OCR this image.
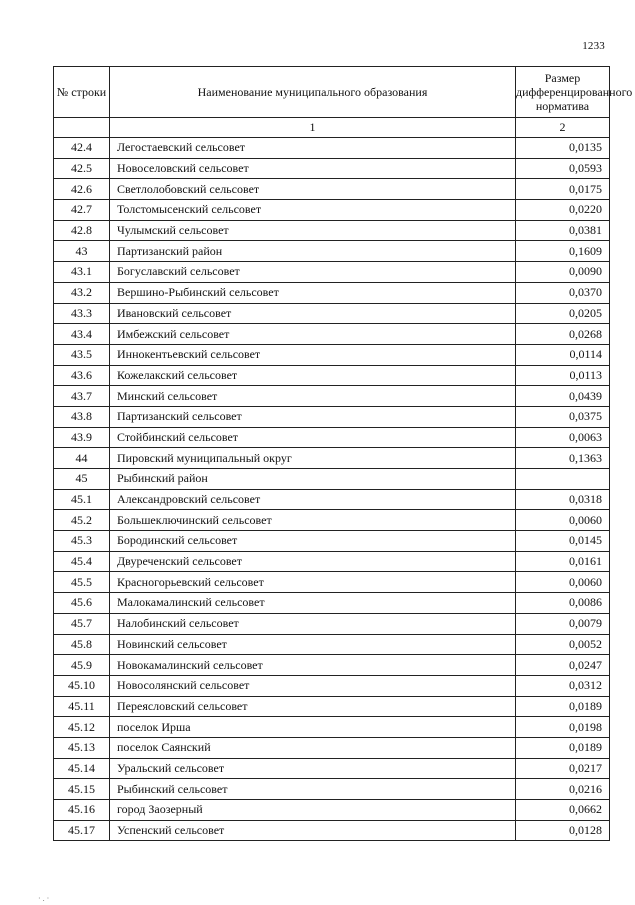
1233
№ строки	Наименование муниципального образования	Размер дифференцированного норматива
	1	2
42.4	Легостаевский сельсовет	0,0135
42.5	Новоселовский сельсовет	0,0593
42.6	Светлолобовский сельсовет	0,0175
42.7	Толстомысенский сельсовет	0,0220
42.8	Чулымский сельсовет	0,0381
43	Партизанский район	0,1609
43.1	Богуславский сельсовет	0,0090
43.2	Вершино-Рыбинский сельсовет	0,0370
43.3	Ивановский сельсовет	0,0205
43.4	Имбежский сельсовет	0,0268
43.5	Иннокентьевский сельсовет	0,0114
43.6	Кожелакский сельсовет	0,0113
43.7	Минский сельсовет	0,0439
43.8	Партизанский сельсовет	0,0375
43.9	Стойбинский сельсовет	0,0063
44	Пировский муниципальный округ	0,1363
45	Рыбинский район	
45.1	Александровский сельсовет	0,0318
45.2	Большеключинский сельсовет	0,0060
45.3	Бородинский сельсовет	0,0145
45.4	Двуреченский сельсовет	0,0161
45.5	Красногорьевский сельсовет	0,0060
45.6	Малокамалинский сельсовет	0,0086
45.7	Налобинский сельсовет	0,0079
45.8	Новинский сельсовет	0,0052
45.9	Новокамалинский сельсовет	0,0247
45.10	Новосолянский сельсовет	0,0312
45.11	Переясловский сельсовет	0,0189
45.12	поселок Ирша	0,0198
45.13	поселок Саянский	0,0189
45.14	Уральский сельсовет	0,0217
45.15	Рыбинский сельсовет	0,0216
45.16	город Заозерный	0,0662
45.17	Успенский сельсовет	0,0128
· . ·
